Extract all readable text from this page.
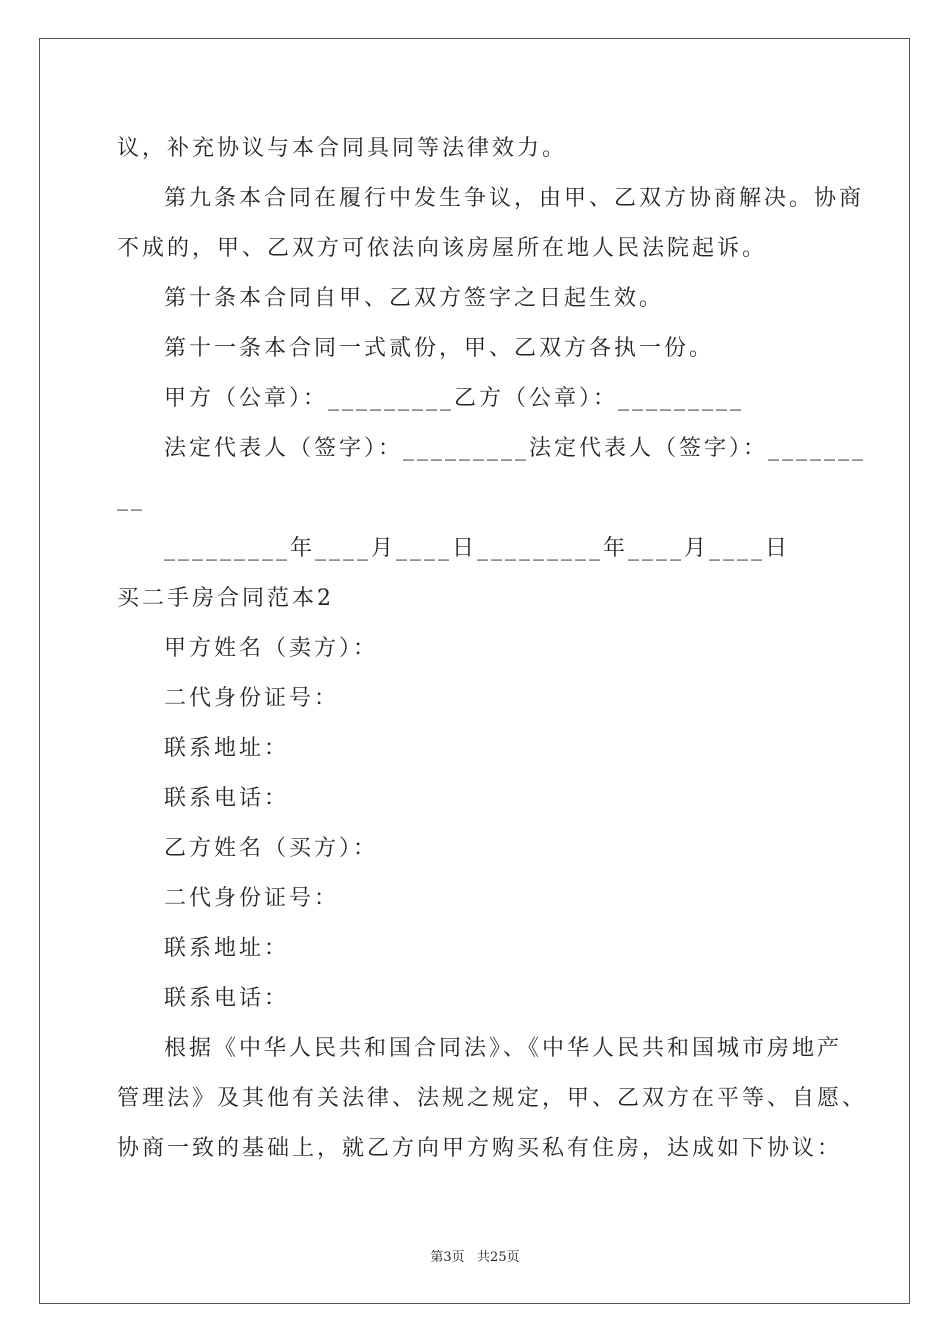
议，补充协议与本合同具同等法律效力。
第九条本合同在履行中发生争议，由甲、乙双方协商解决。协商
不成的，甲、乙双方可依法向该房屋所在地人民法院起诉。
第十条本合同自甲、乙双方签字之日起生效。
第十一条本合同一式贰份，甲、乙双方各执一份。
甲方（公章）：_________乙方（公章）：_________
法定代表人（签字）：_________法定代表人（签字）：_______
__
_________年____月____日_________年____月____日
买二手房合同范本2
甲方姓名（卖方）：
二代身份证号：
联系地址：
联系电话：
乙方姓名（买方）：
二代身份证号：
联系地址：
联系电话：
根据《中华人民共和国合同法》、《中华人民共和国城市房地产
管理法》及其他有关法律、法规之规定，甲、乙双方在平等、自愿、
协商一致的基础上，就乙方向甲方购买私有住房，达成如下协议：
第3页   共25页
